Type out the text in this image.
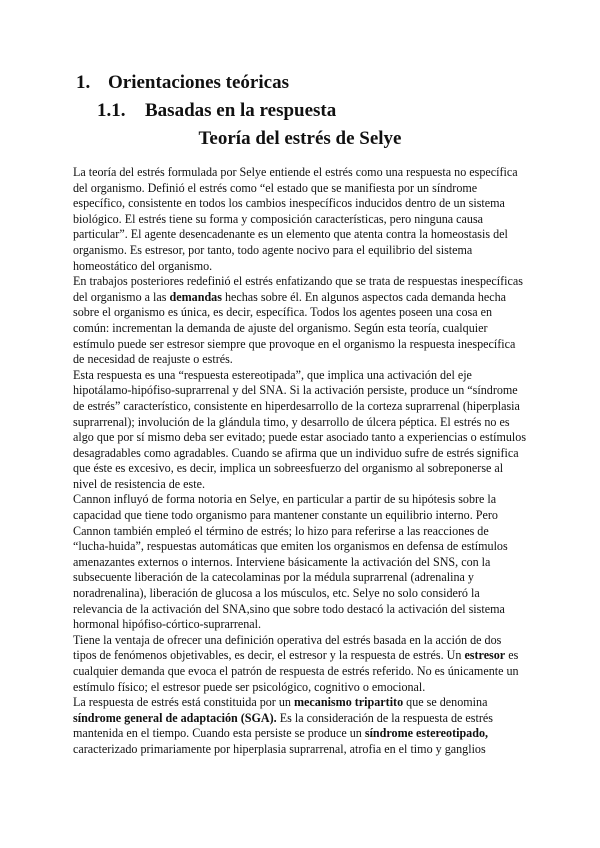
1. Orientaciones teóricas
1.1. Basadas en la respuesta
Teoría del estrés de Selye
La teoría del estrés formulada por Selye entiende el estrés como una respuesta no específica
del organismo. Definió el estrés como “el estado que se manifiesta por un síndrome
específico, consistente en todos los cambios inespecíficos inducidos dentro de un sistema
biológico. El estrés tiene su forma y composición características, pero ninguna causa
particular”. El agente desencadenante es un elemento que atenta contra la homeostasis del
organismo. Es estresor, por tanto, todo agente nocivo para el equilibrio del sistema
homeostático del organismo.
En trabajos posteriores redefinió el estrés enfatizando que se trata de respuestas inespecíficas
del organismo a las demandas hechas sobre él. En algunos aspectos cada demanda hecha
sobre el organismo es única, es decir, específica. Todos los agentes poseen una cosa en
común: incrementan la demanda de ajuste del organismo. Según esta teoría, cualquier
estímulo puede ser estresor siempre que provoque en el organismo la respuesta inespecífica
de necesidad de reajuste o estrés.
Esta respuesta es una “respuesta estereotipada”, que implica una activación del eje
hipotálamo-hipófiso-suprarrenal y del SNA. Si la activación persiste, produce un “síndrome
de estrés” característico, consistente en hiperdesarrollo de la corteza suprarrenal (hiperplasia
suprarrenal); involución de la glándula timo, y desarrollo de úlcera péptica. El estrés no es
algo que por sí mismo deba ser evitado; puede estar asociado tanto a experiencias o estímulos
desagradables como agradables. Cuando se afirma que un individuo sufre de estrés significa
que éste es excesivo, es decir, implica un sobreesfuerzo del organismo al sobreponerse al
nivel de resistencia de este.
Cannon influyó de forma notoria en Selye, en particular a partir de su hipótesis sobre la
capacidad que tiene todo organismo para mantener constante un equilibrio interno. Pero
Cannon también empleó el término de estrés; lo hizo para referirse a las reacciones de
“lucha-huida”, respuestas automáticas que emiten los organismos en defensa de estímulos
amenazantes externos o internos. Interviene básicamente la activación del SNS, con la
subsecuente liberación de la catecolaminas por la médula suprarrenal (adrenalina y
noradrenalina), liberación de glucosa a los músculos, etc. Selye no solo consideró la
relevancia de la activación del SNA,sino que sobre todo destacó la activación del sistema
hormonal hipófiso-córtico-suprarrenal.
Tiene la ventaja de ofrecer una definición operativa del estrés basada en la acción de dos
tipos de fenómenos objetivables, es decir, el estresor y la respuesta de estrés. Un estresor es
cualquier demanda que evoca el patrón de respuesta de estrés referido. No es únicamente un
estímulo físico; el estresor puede ser psicológico, cognitivo o emocional.
La respuesta de estrés está constituida por un mecanismo tripartito que se denomina
síndrome general de adaptación (SGA). Es la consideración de la respuesta de estrés
mantenida en el tiempo. Cuando esta persiste se produce un síndrome estereotipado,
caracterizado primariamente por hiperplasia suprarrenal, atrofia en el timo y ganglios
